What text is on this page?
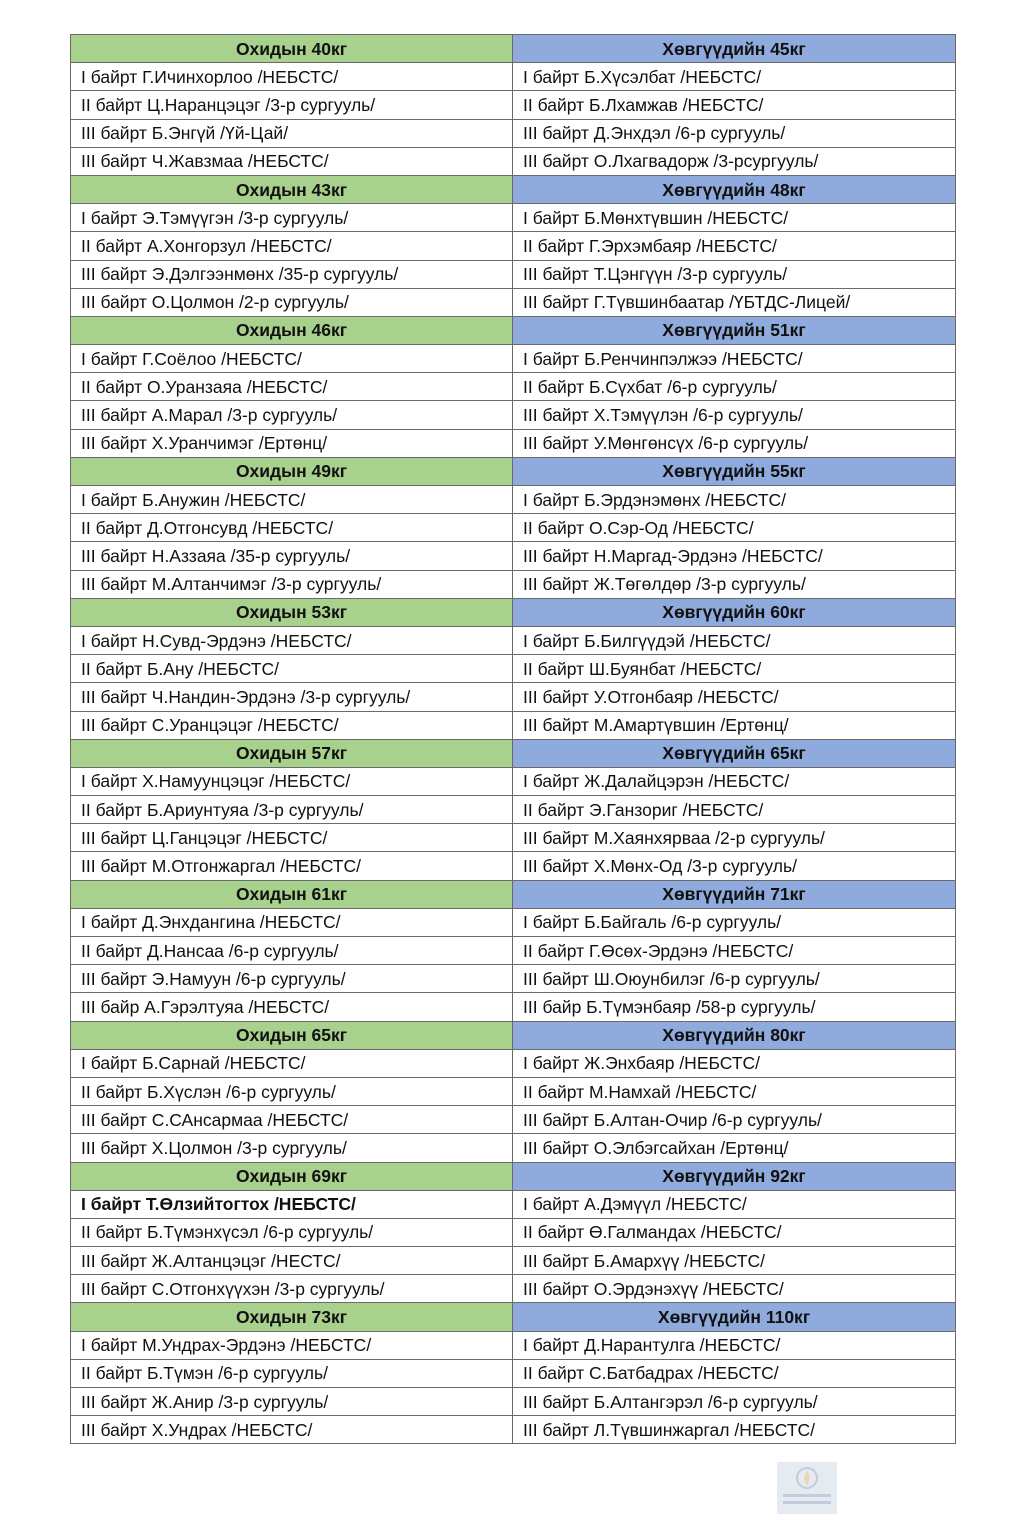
Охидын 40кг	Хөвгүүдийн 45кг
I байрт Г.Ичинхорлоо /НЕБСТС/	I байрт Б.Хүсэлбат /НЕБСТС/
II байрт Ц.Наранцэцэг /3-р сургууль/	II байрт Б.Лхамжав /НЕБСТС/
III байрт Б.Энгүй /Үй-Цай/	III байрт Д.Энхдэл /6-р сургууль/
III байрт Ч.Жавзмаа /НЕБСТС/	III байрт О.Лхагвадорж /3-рсургууль/
Охидын 43кг	Хөвгүүдийн 48кг
I байрт Э.Тэмүүгэн /3-р сургууль/	I байрт Б.Мөнхтүвшин /НЕБСТС/
II байрт А.Хонгорзул /НЕБСТС/	II байрт Г.Эрхэмбаяр /НЕБСТС/
III байрт Э.Дэлгээнмөнх /35-р сургууль/	III байрт Т.Цэнгүүн /3-р сургууль/
III байрт О.Цолмон /2-р сургууль/	III байрт Г.Түвшинбаатар /ҮБТДС-Лицей/
Охидын 46кг	Хөвгүүдийн 51кг
I байрт Г.Соёлоо /НЕБСТС/	I байрт Б.Ренчинпэлжээ /НЕБСТС/
II байрт О.Уранзаяа /НЕБСТС/	II байрт Б.Сүхбат /6-р сургууль/
III байрт А.Марал /3-р сургууль/	III байрт Х.Тэмүүлэн /6-р сургууль/
III байрт Х.Уранчимэг /Ертөнц/	III байрт У.Мөнгөнсүх /6-р сургууль/
Охидын 49кг	Хөвгүүдийн 55кг
I байрт Б.Анужин /НЕБСТС/	I байрт Б.Эрдэнэмөнх /НЕБСТС/
II байрт Д.Отгонсувд /НЕБСТС/	II байрт О.Сэр-Од /НЕБСТС/
III байрт Н.Аззаяа /35-р сургууль/	III байрт Н.Маргад-Эрдэнэ /НЕБСТС/
III байрт М.Алтанчимэг /3-р сургууль/	III байрт Ж.Төгөлдөр /3-р сургууль/
Охидын 53кг	Хөвгүүдийн 60кг
I байрт Н.Сувд-Эрдэнэ /НЕБСТС/	I байрт Б.Билгүүдэй /НЕБСТС/
II байрт Б.Ану /НЕБСТС/	II байрт Ш.Буянбат /НЕБСТС/
III байрт Ч.Нандин-Эрдэнэ /3-р сургууль/	III байрт У.Отгонбаяр /НЕБСТС/
III байрт С.Уранцэцэг /НЕБСТС/	III байрт М.Амартүвшин /Ертөнц/
Охидын 57кг	Хөвгүүдийн 65кг
I байрт Х.Намуунцэцэг /НЕБСТС/	I байрт Ж.Далайцэрэн /НЕБСТС/
II байрт Б.Ариунтуяа /3-р сургууль/	II байрт Э.Ганзориг /НЕБСТС/
III байрт Ц.Ганцэцэг /НЕБСТС/	III байрт М.Хаянхярваа /2-р сургууль/
III байрт М.Отгонжаргал /НЕБСТС/	III байрт Х.Мөнх-Од /3-р сургууль/
Охидын 61кг	Хөвгүүдийн 71кг
I байрт Д.Энхдангина /НЕБСТС/	I байрт Б.Байгаль /6-р сургууль/
II байрт Д.Нансаа /6-р сургууль/	II байрт Г.Өсөх-Эрдэнэ /НЕБСТС/
III байрт Э.Намуун /6-р сургууль/	III байрт Ш.Оюунбилэг /6-р сургууль/
III байр А.Гэрэлтуяа /НЕБСТС/	III байр Б.Түмэнбаяр /58-р сургууль/
Охидын 65кг	Хөвгүүдийн 80кг
I байрт Б.Сарнай /НЕБСТС/	I байрт Ж.Энхбаяр /НЕБСТС/
II байрт Б.Хүслэн /6-р сургууль/	II байрт М.Намхай /НЕБСТС/
III байрт С.САнсармаа /НЕБСТС/	III байрт Б.Алтан-Очир /6-р сургууль/
III байрт Х.Цолмон /3-р сургууль/	III байрт О.Элбэгсайхан /Ертөнц/
Охидын 69кг	Хөвгүүдийн 92кг
I байрт Т.Өлзийтогтох /НЕБСТС/	I байрт А.Дэмүүл /НЕБСТС/
II байрт Б.Түмэнхүсэл /6-р сургууль/	II байрт Ө.Галмандах /НЕБСТС/
III байрт Ж.Алтанцэцэг /НЕСТС/	III байрт Б.Амархүү /НЕБСТС/
III байрт С.Отгонхүүхэн /3-р сургууль/	III байрт О.Эрдэнэхүү /НЕБСТС/
Охидын 73кг	Хөвгүүдийн 110кг
I байрт М.Ундрах-Эрдэнэ /НЕБСТС/	I байрт Д.Нарантулга /НЕБСТС/
II байрт Б.Түмэн /6-р сургууль/	II байрт С.Батбадрах /НЕБСТС/
III байрт Ж.Анир /3-р сургууль/	III байрт Б.Алтангэрэл /6-р сургууль/
III байрт Х.Ундрах /НЕБСТС/	III байрт Л.Түвшинжаргал /НЕБСТС/
